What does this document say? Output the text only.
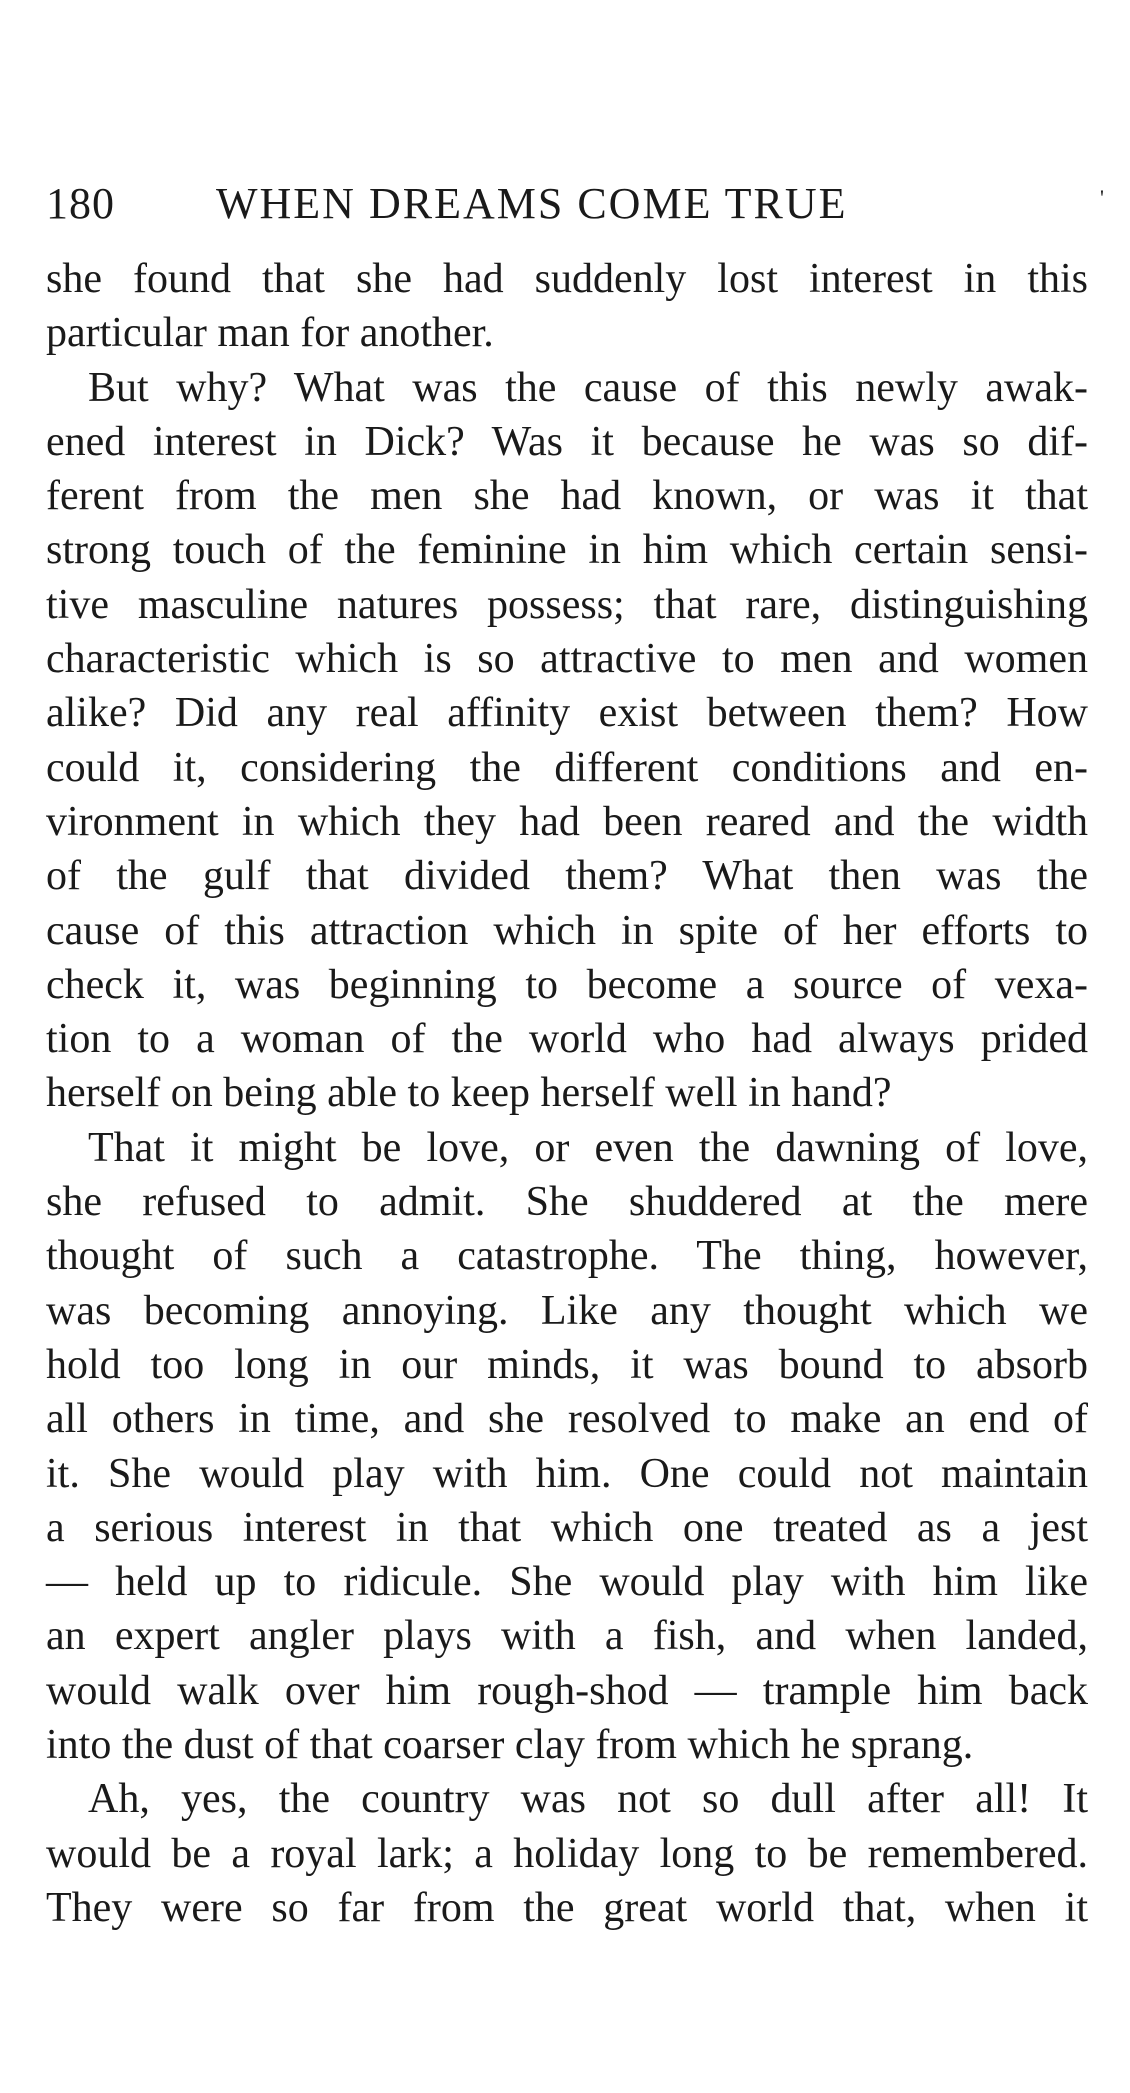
180	WHEN DREAMS COME TRUE
she found that she had suddenly lost interest in this
particular man for another.
But why? What was the cause of this newly awak-
ened interest in Dick? Was it because he was so dif-
ferent from the men she had known, or was it that
strong touch of the feminine in him which certain sensi-
tive masculine natures possess; that rare, distinguishing
characteristic which is so attractive to men and women
alike? Did any real affinity exist between them? How
could it, considering the different conditions and en-
vironment in which they had been reared and the width
of the gulf that divided them? What then was the
cause of this attraction which in spite of her efforts to
check it, was beginning to become a source of vexa-
tion to a woman of the world who had always prided
herself on being able to keep herself well in hand?
That it might be love, or even the dawning of love,
she refused to admit. She shuddered at the mere
thought of such a catastrophe. The thing, however,
was becoming annoying. Like any thought which we
hold too long in our minds, it was bound to absorb
all others in time, and she resolved to make an end of
it. She would play with him. One could not maintain
a serious interest in that which one treated as a jest
— held up to ridicule. She would play with him like
an expert angler plays with a fish, and when landed,
would walk over him rough-shod — trample him back
into the dust of that coarser clay from which he sprang.
Ah, yes, the country was not so dull after all! It
would be a royal lark; a holiday long to be remembered.
They were so far from the great world that, when it
'
